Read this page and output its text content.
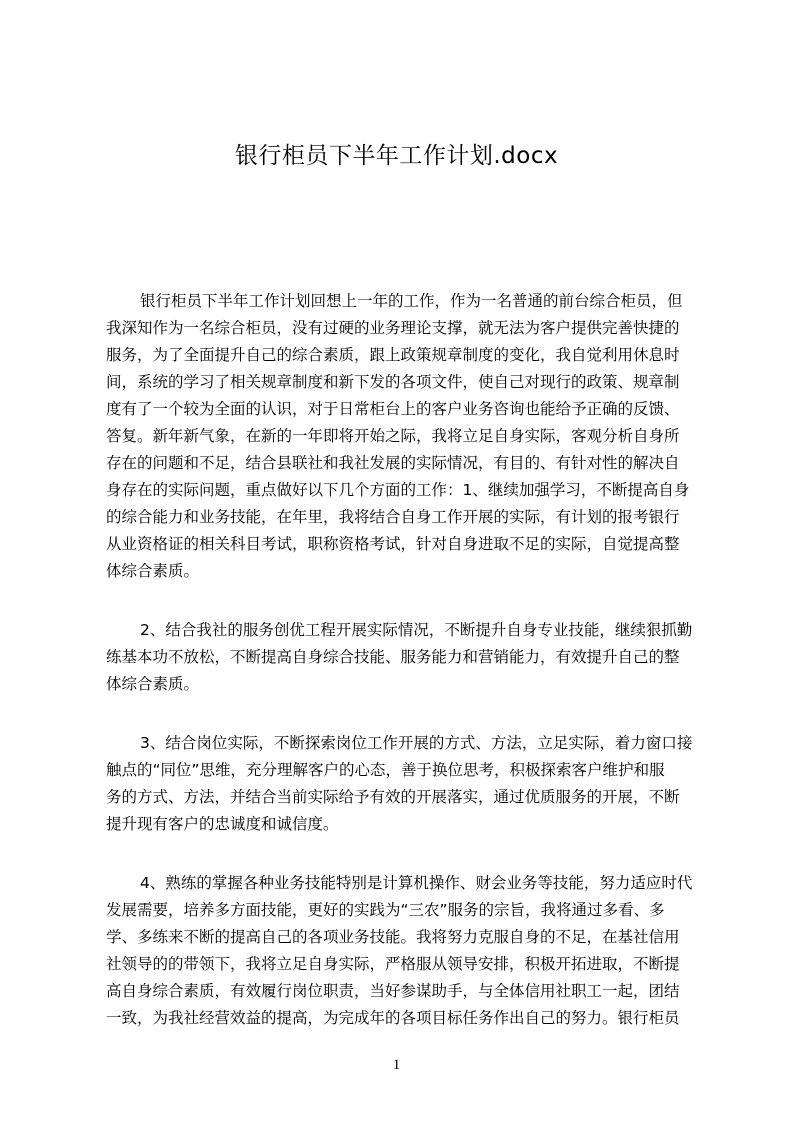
银行柜员下半年工作计划.docx
银行柜员下半年工作计划回想上一年的工作，作为一名普通的前台综合柜员，但
我深知作为一名综合柜员，没有过硬的业务理论支撑，就无法为客户提供完善快捷的
服务，为了全面提升自己的综合素质，跟上政策规章制度的变化，我自觉利用休息时
间，系统的学习了相关规章制度和新下发的各项文件，使自己对现行的政策、规章制
度有了一个较为全面的认识，对于日常柜台上的客户业务咨询也能给予正确的反馈、
答复。新年新气象，在新的一年即将开始之际，我将立足自身实际，客观分析自身所
存在的问题和不足，结合县联社和我社发展的实际情况，有目的、有针对性的解决自
身存在的实际问题，重点做好以下几个方面的工作：1、继续加强学习，不断提高自身
的综合能力和业务技能，在年里，我将结合自身工作开展的实际，有计划的报考银行
从业资格证的相关科目考试，职称资格考试，针对自身进取不足的实际，自觉提高整
体综合素质。
2、结合我社的服务创优工程开展实际情况，不断提升自身专业技能，继续狠抓勤
练基本功不放松，不断提高自身综合技能、服务能力和营销能力，有效提升自己的整
体综合素质。
3、结合岗位实际，不断探索岗位工作开展的方式、方法，立足实际，着力窗口接
触点的“同位”思维，充分理解客户的心态，善于换位思考，积极探索客户维护和服
务的方式、方法，并结合当前实际给予有效的开展落实，通过优质服务的开展，不断
提升现有客户的忠诚度和诚信度。
4、熟练的掌握各种业务技能特别是计算机操作、财会业务等技能，努力适应时代
发展需要，培养多方面技能，更好的实践为“三农”服务的宗旨，我将通过多看、多
学、多练来不断的提高自己的各项业务技能。我将努力克服自身的不足，在基社信用
社领导的的带领下，我将立足自身实际，严格服从领导安排，积极开拓进取，不断提
高自身综合素质，有效履行岗位职责，当好参谋助手，与全体信用社职工一起，团结
一致，为我社经营效益的提高，为完成年的各项目标任务作出自己的努力。银行柜员
1
